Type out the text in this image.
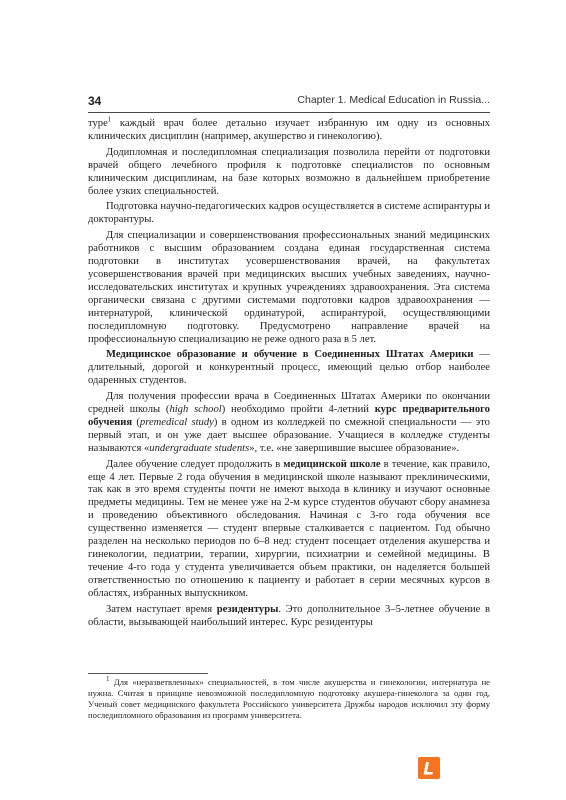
34	Chapter 1. Medical Education in Russia...

туре$^1$ каждый врач более детально изучает избранную им одну из основных клинических дисциплин (например, акушерство и гинекологию).

Додипломная и последипломная специализация позволила перейти от подготовки врачей общего лечебного профиля к подготовке специалистов по основным клиническим дисциплинам, на базе которых возможно в дальнейшем приобретение более узких специальностей.

Подготовка научно-педагогических кадров осуществляется в системе аспирантуры и докторантуры.

Для специализации и совершенствования профессиональных знаний медицинских работников с высшим образованием создана единая государственная система подготовки в институтах усовершенствования врачей, на факультетах усовершенствования врачей при медицинских высших учебных заведениях, научно-исследовательских институтах и крупных учреждениях здравоохранения. Эта система органически связана с другими системами подготовки кадров здравоохранения — интернатурой, клинической ординатурой, аспирантурой, осуществляющими последипломную подготовку. Предусмотрено направление врачей на профессиональную специализацию не реже одного раза в 5 лет.

Медицинское образование и обучение в Соединенных Штатах Америки — длительный, дорогой и конкурентный процесс, имеющий целью отбор наиболее одаренных студентов.

Для получения профессии врача в Соединенных Штатах Америки по окончании средней школы (high school) необходимо пройти 4-летний курс предварительного обучения (premedical study) в одном из колледжей по смежной специальности — это первый этап, и он уже дает высшее образование. Учащиеся в колледже студенты называются «undergraduate students», т.е. «не завершившие высшее образование».

Далее обучение следует продолжить в медицинской школе в течение, как правило, еще 4 лет. Первые 2 года обучения в медицинской школе называют преклиническими, так как в это время студенты почти не имеют выхода в клинику и изучают основные предметы медицины. Тем не менее уже на 2-м курсе студентов обучают сбору анамнеза и проведению объективного обследования. Начиная с 3-го года обучения все существенно изменяется — студент впервые сталкивается с пациентом. Год обычно разделен на несколько периодов по 6–8 нед: студент посещает отделения акушерства и гинекологии, педиатрии, терапии, хирургии, психиатрии и семейной медицины. В течение 4-го года у студента увеличивается объем практики, он наделяется большей ответственностью по отношению к пациенту и работает в серии месячных курсов в областях, избранных выпускником.

Затем наступает время резидентуры. Это дополнительное 3–5-летнее обучение в области, вызывающей наибольший интерес. Курс резидентуры

$^1$ Для «неразветвленных» специальностей, в том числе акушерства и гинекологии, интернатура не нужна. Считая в принципе невозможной последипломную подготовку акушера-гинеколога за один год, Ученый совет медицинского факультета Российского университета Дружбы народов исключил эту форму последипломного образования из программ университета.
